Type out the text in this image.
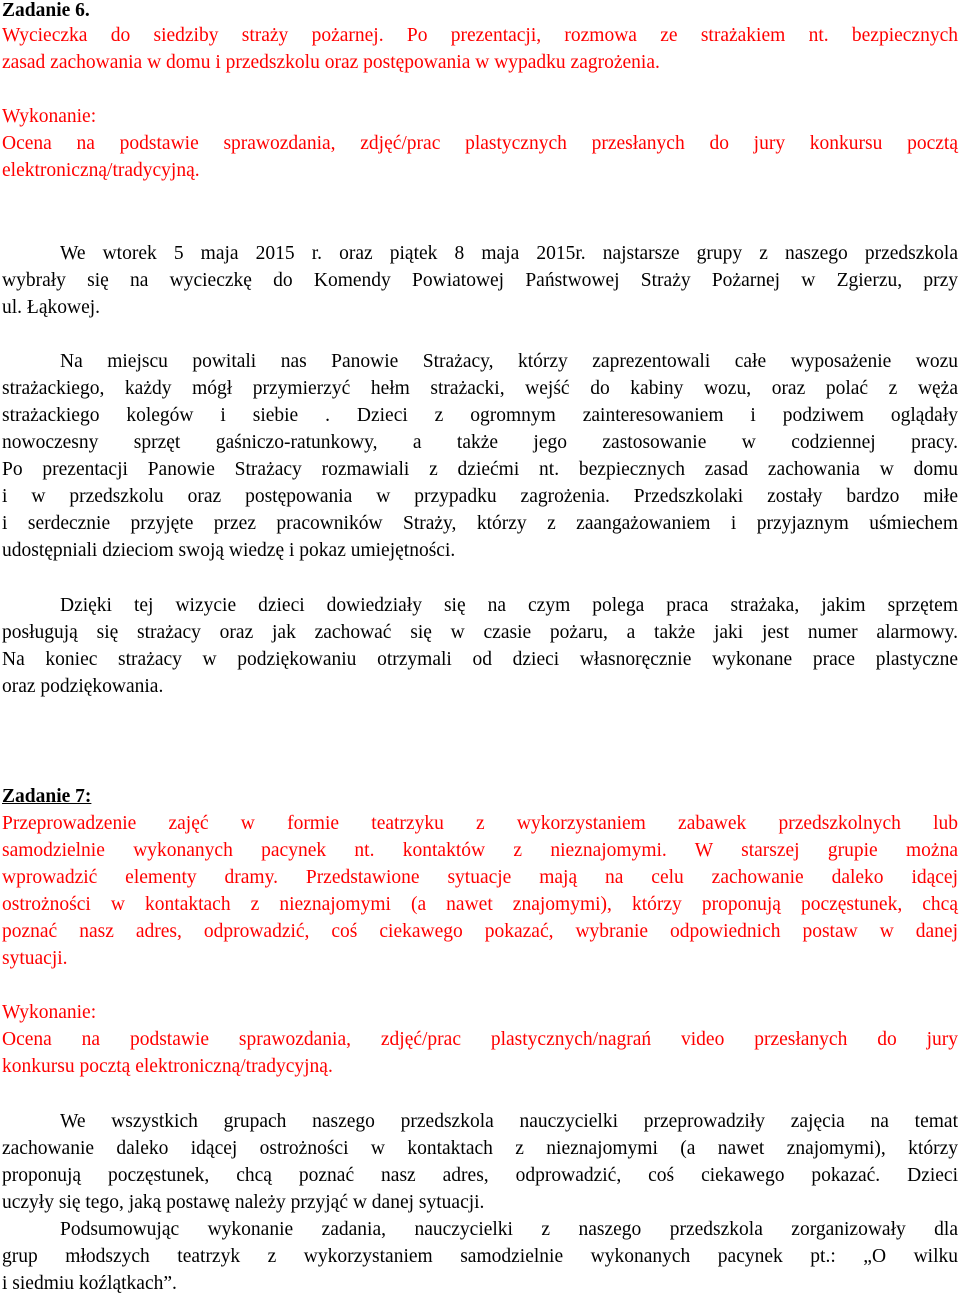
Zadanie 6.
Wycieczka do siedziby straży pożarnej. Po prezentacji, rozmowa ze strażakiem nt. bezpiecznych
zasad zachowania w domu i przedszkolu oraz postępowania w wypadku zagrożenia.
Wykonanie:
Ocena na podstawie sprawozdania, zdjęć/prac plastycznych przesłanych do jury konkursu pocztą
elektroniczną/tradycyjną.
We wtorek 5 maja 2015 r. oraz piątek 8 maja 2015r. najstarsze grupy z naszego przedszkola
wybrały się na wycieczkę do Komendy Powiatowej Państwowej Straży Pożarnej w Zgierzu, przy
ul. Łąkowej.
Na miejscu powitali nas Panowie Strażacy, którzy zaprezentowali całe wyposażenie wozu
strażackiego, każdy mógł przymierzyć hełm strażacki, wejść do kabiny wozu, oraz polać z węża
strażackiego kolegów i siebie . Dzieci z ogromnym zainteresowaniem i podziwem oglądały
nowoczesny sprzęt gaśniczo-ratunkowy, a także jego zastosowanie w codziennej pracy.
Po prezentacji Panowie Strażacy rozmawiali z dziećmi nt. bezpiecznych zasad zachowania w domu
i w przedszkolu oraz postępowania w przypadku zagrożenia. Przedszkolaki zostały bardzo miłe
i serdecznie przyjęte przez pracowników Straży, którzy z zaangażowaniem i przyjaznym uśmiechem
udostępniali dzieciom swoją wiedzę i pokaz umiejętności.
Dzięki tej wizycie dzieci dowiedziały się na czym polega praca strażaka, jakim sprzętem
posługują się strażacy oraz jak zachować się w czasie pożaru, a także jaki jest numer alarmowy.
Na koniec strażacy w podziękowaniu otrzymali od dzieci własnoręcznie wykonane prace plastyczne
oraz podziękowania.
Zadanie 7:
Przeprowadzenie zajęć w formie teatrzyku z wykorzystaniem zabawek przedszkolnych lub
samodzielnie wykonanych pacynek nt. kontaktów z nieznajomymi. W starszej grupie można
wprowadzić elementy dramy. Przedstawione sytuacje mają na celu zachowanie daleko idącej
ostrożności w kontaktach z nieznajomymi (a nawet znajomymi), którzy proponują poczęstunek, chcą
poznać nasz adres, odprowadzić, coś ciekawego pokazać, wybranie odpowiednich postaw w danej
sytuacji.
Wykonanie:
Ocena na podstawie sprawozdania, zdjęć/prac plastycznych/nagrań video przesłanych do jury
konkursu pocztą elektroniczną/tradycyjną.
We wszystkich grupach naszego przedszkola nauczycielki przeprowadziły zajęcia na temat
zachowanie daleko idącej ostrożności w kontaktach z nieznajomymi (a nawet znajomymi), którzy
proponują poczęstunek, chcą poznać nasz adres, odprowadzić, coś ciekawego pokazać. Dzieci
uczyły się tego, jaką postawę należy przyjąć w danej sytuacji.
Podsumowując wykonanie zadania, nauczycielki z naszego przedszkola zorganizowały dla
grup młodszych teatrzyk z wykorzystaniem samodzielnie wykonanych pacynek pt.: „O wilku
i siedmiu koźlątkach”.
